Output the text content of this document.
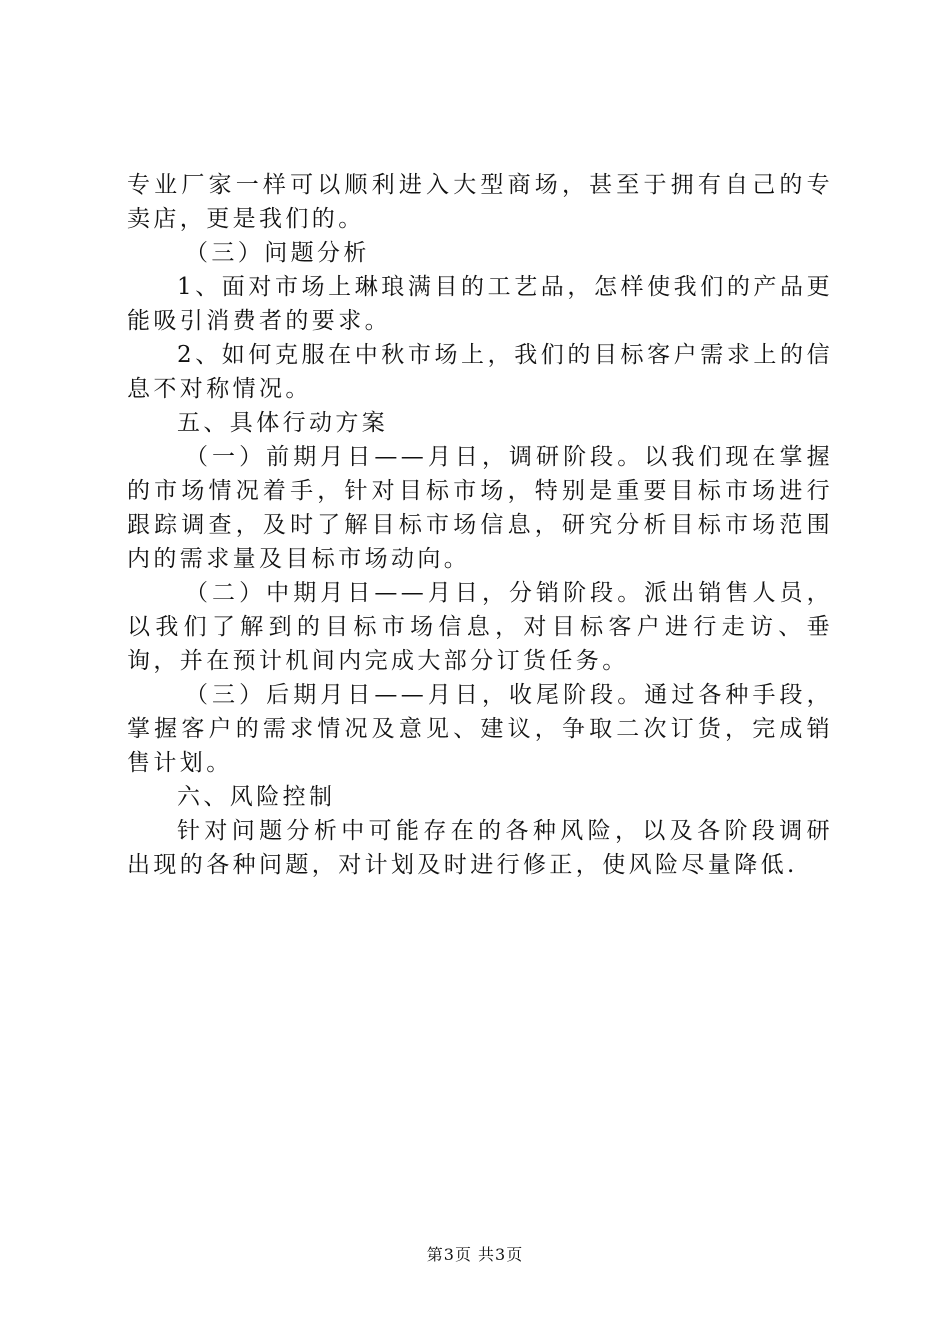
专业厂家一样可以顺利进入大型商场，甚至于拥有自己的专卖店，更是我们的。

（三）问题分析

1、面对市场上琳琅满目的工艺品，怎样使我们的产品更能吸引消费者的要求。

2、如何克服在中秋市场上，我们的目标客户需求上的信息不对称情况。

五、具体行动方案

（一）前期月日——月日，调研阶段。以我们现在掌握的市场情况着手，针对目标市场，特别是重要目标市场进行跟踪调查，及时了解目标市场信息，研究分析目标市场范围内的需求量及目标市场动向。

（二）中期月日——月日，分销阶段。派出销售人员，以我们了解到的目标市场信息，对目标客户进行走访、垂询，并在预计机间内完成大部分订货任务。

（三）后期月日——月日，收尾阶段。通过各种手段，掌握客户的需求情况及意见、建议，争取二次订货，完成销售计划。

六、风险控制

针对问题分析中可能存在的各种风险，以及各阶段调研出现的各种问题，对计划及时进行修正，使风险尽量降低.

第3页 共3页
